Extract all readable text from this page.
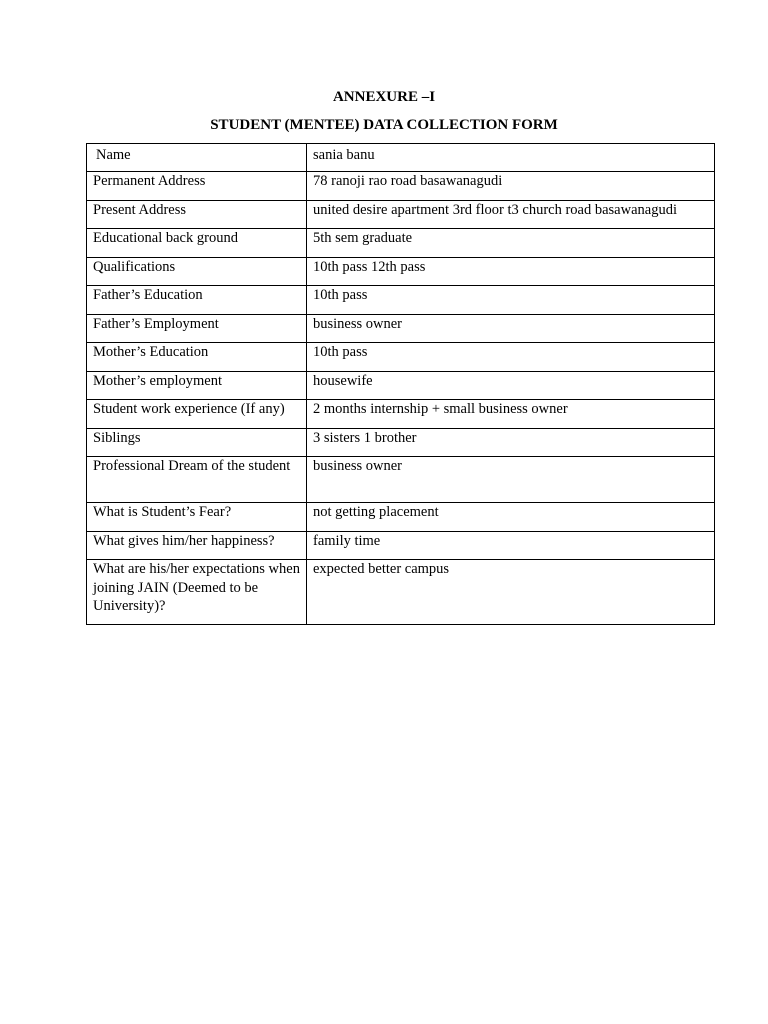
ANNEXURE –I

STUDENT (MENTEE) DATA COLLECTION FORM

Name	sania banu
Permanent Address	78 ranoji rao road basawanagudi
Present Address	united desire apartment 3rd floor t3 church road basawanagudi
Educational back ground	5th sem graduate
Qualifications	10th pass 12th pass
Father’s Education	10th pass
Father’s Employment	business owner
Mother’s Education	10th pass
Mother’s employment	housewife
Student work experience (If any)	2 months internship + small business owner
Siblings	3 sisters 1 brother
Professional Dream of the student	business owner
What is Student’s Fear?	not getting placement
What gives him/her happiness?	family time
What are his/her expectations when joining JAIN (Deemed to be University)?	expected better campus
